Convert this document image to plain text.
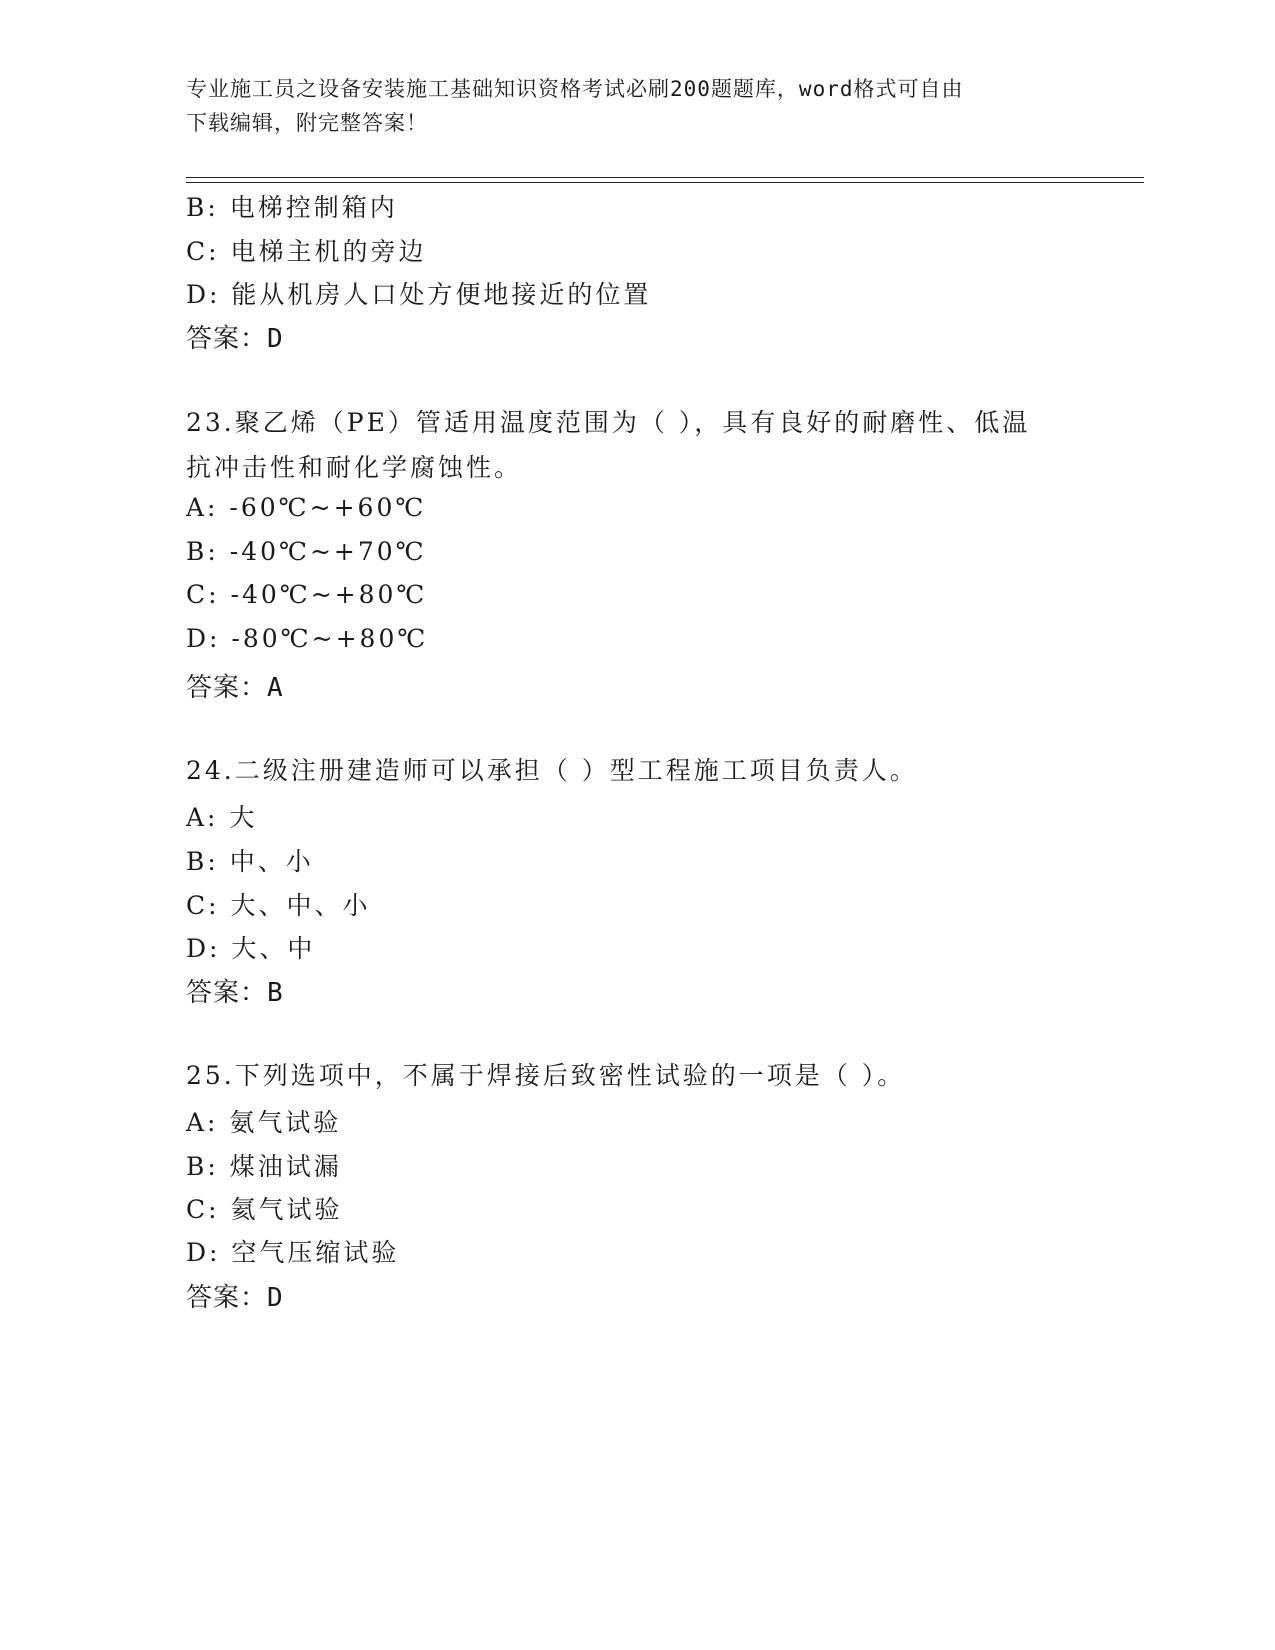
专业施工员之设备安装施工基础知识资格考试必刷200题题库，word格式可自由
下载编辑，附完整答案！
B: 电梯控制箱内
C: 电梯主机的旁边
D: 能从机房人口处方便地接近的位置
答案：D
23.聚乙烯（PE）管适用温度范围为（ ），具有良好的耐磨性、低温
抗冲击性和耐化学腐蚀性。
A: -60℃~+60℃
B: -40℃~+70℃
C: -40℃~+80℃
D: -80℃~+80℃
答案：A
24.二级注册建造师可以承担（ ）型工程施工项目负责人。
A: 大
B: 中、小
C: 大、中、小
D: 大、中
答案：B
25.下列选项中，不属于焊接后致密性试验的一项是（ ）。
A: 氨气试验
B: 煤油试漏
C: 氦气试验
D: 空气压缩试验
答案：D
